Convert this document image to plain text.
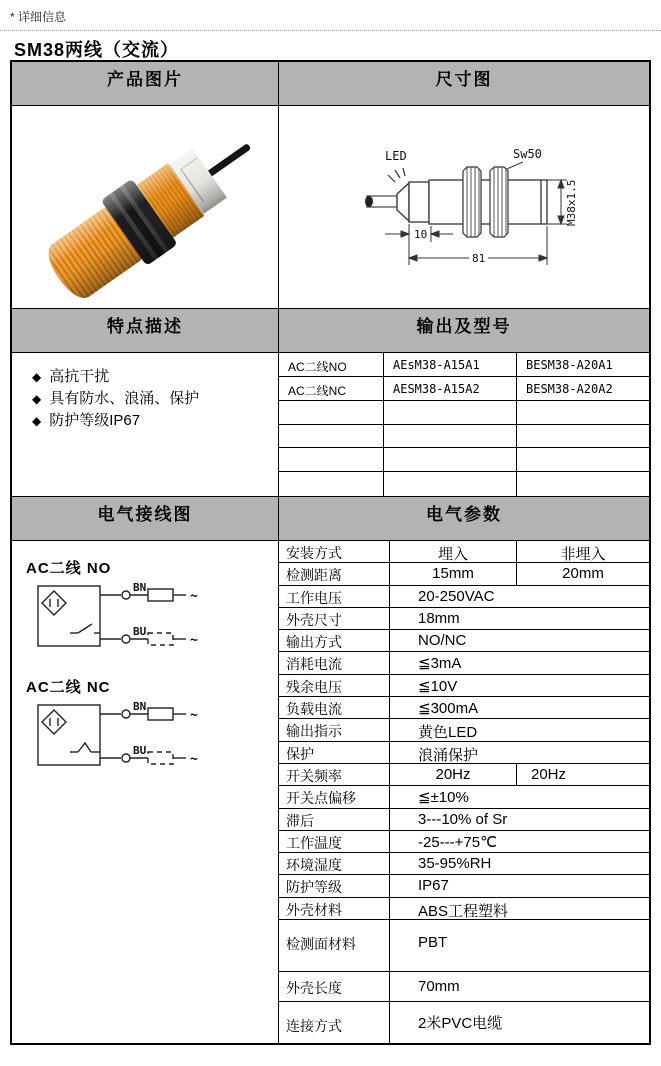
* 详细信息
SM38两线（交流）
产品图片	尺寸图
LED	Sw50
M38x1.5
10
81
特点描述	输出及型号
◆ 高抗干扰
◆ 具有防水、浪涌、保护
◆ 防护等级IP67
AC二线NO	AEsM38-A15A1	BESM38-A20A1
AC二线NC	AESM38-A15A2	BESM38-A20A2
电气接线图	电气参数
AC二线 NO
BN
BU
~
~
AC二线 NC
BN
BU
~
~
安装方式	埋入	非埋入
检测距离	15mm	20mm
工作电压	20-250VAC
外壳尺寸	18mm
输出方式	NO/NC
消耗电流	≦3mA
残余电压	≦10V
负载电流	≦300mA
输出指示	黄色LED
保护	浪涌保护
开关频率	20Hz	20Hz
开关点偏移	≦±10%
滞后	3---10% of Sr
工作温度	-25---+75℃
环境湿度	35-95%RH
防护等级	IP67
外壳材料	ABS工程塑料
检测面材料	PBT
外壳长度	70mm
连接方式	2米PVC电缆
